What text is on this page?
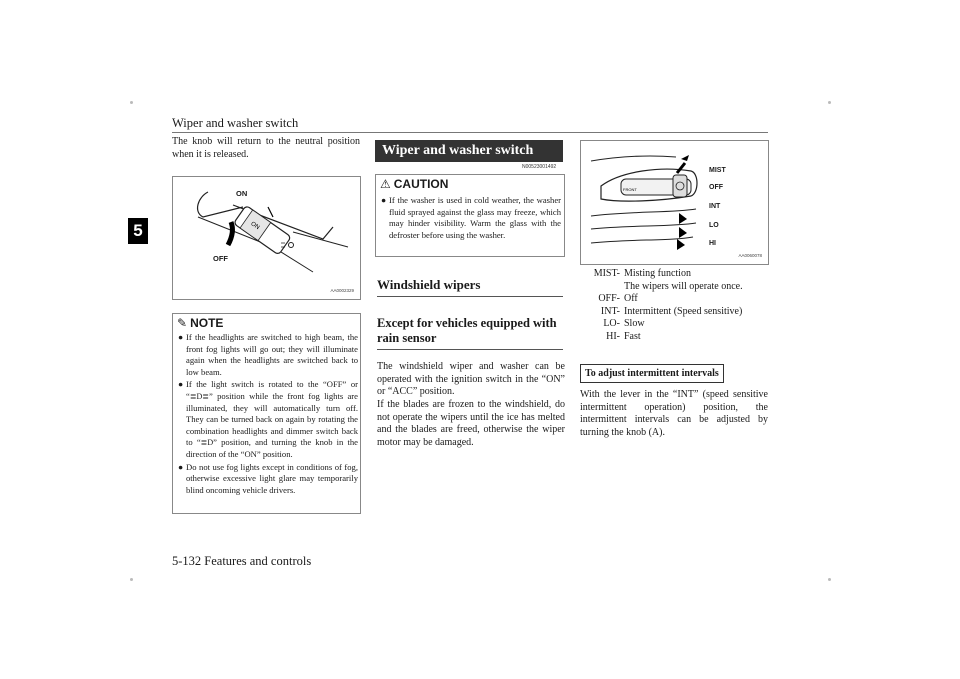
Wiper and washer switch
5
The knob will return to the neutral position when it is released.
ON
ON
OFF
AA0002329
✎ NOTE
● If the headlights are switched to high beam, the front fog lights will go out; they will illuminate again when the headlights are switched back to low beam.
● If the light switch is rotated to the “OFF” or “≣D≣” position while the front fog lights are illuminated, they will automatically turn off. They can be turned back on again by rotating the combination headlights and dimmer switch back to “≣D” position, and turning the knob in the direction of the “ON” position.
● Do not use fog lights except in conditions of fog, otherwise excessive light glare may temporarily blind oncoming vehicle drivers.
Wiper and washer switch
N00523001492
⚠ CAUTION
● If the washer is used in cold weather, the washer fluid sprayed against the glass may freeze, which may hinder visibility. Warm the glass with the defroster before using the washer.
Windshield wipers
Except for vehicles equipped with rain sensor
The windshield wiper and washer can be operated with the ignition switch in the “ON” or “ACC” position.
If the blades are frozen to the windshield, do not operate the wipers until the ice has melted and the blades are freed, otherwise the wiper motor may be damaged.
FRONT
MIST
OFF
INT
LO
HI
AA0060078
MIST- Misting function
The wipers will operate once.
OFF- Off
INT- Intermittent (Speed sensitive)
LO- Slow
HI- Fast
To adjust intermittent intervals
With the lever in the “INT” (speed sensitive intermittent operation) position, the intermittent intervals can be adjusted by turning the knob (A).
5-132 Features and controls
